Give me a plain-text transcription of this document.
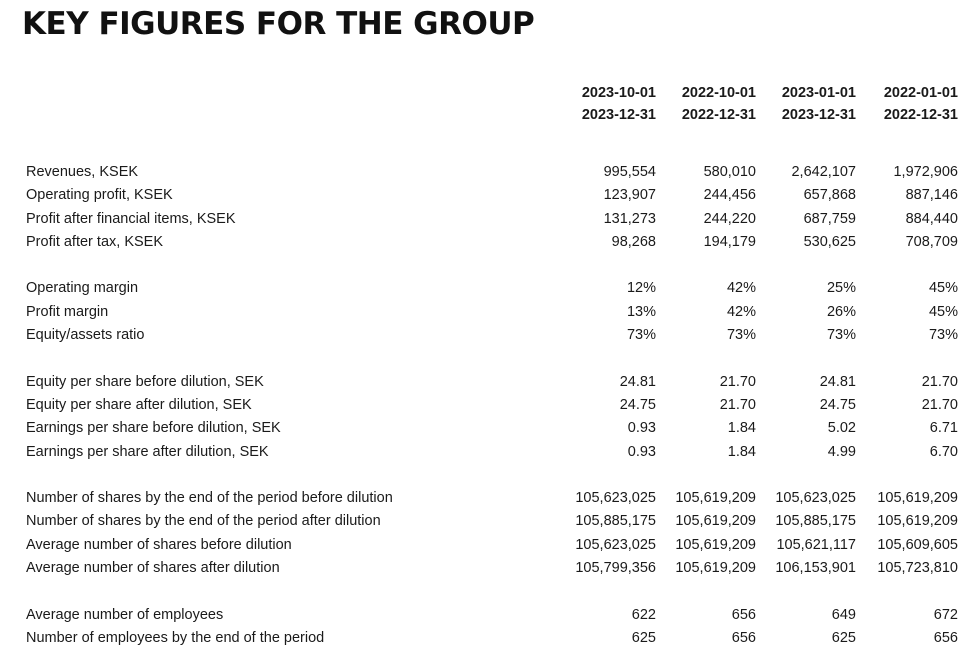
KEY FIGURES FOR THE GROUP
	2023-10-01	2022-10-01	2023-01-01	2022-01-01
	2023-12-31	2022-12-31	2023-12-31	2022-12-31

Revenues, KSEK	995,554	580,010	2,642,107	1,972,906
Operating profit, KSEK	123,907	244,456	657,868	887,146
Profit after financial items, KSEK	131,273	244,220	687,759	884,440
Profit after tax, KSEK	98,268	194,179	530,625	708,709

Operating margin	12%	42%	25%	45%
Profit margin	13%	42%	26%	45%
Equity/assets ratio	73%	73%	73%	73%

Equity per share before dilution, SEK	24.81	21.70	24.81	21.70
Equity per share after dilution, SEK	24.75	21.70	24.75	21.70
Earnings per share before dilution, SEK	0.93	1.84	5.02	6.71
Earnings per share after dilution, SEK	0.93	1.84	4.99	6.70

Number of shares by the end of the period before dilution	105,623,025	105,619,209	105,623,025	105,619,209
Number of shares by the end of the period after dilution	105,885,175	105,619,209	105,885,175	105,619,209
Average number of shares before dilution	105,623,025	105,619,209	105,621,117	105,609,605
Average number of shares after dilution	105,799,356	105,619,209	106,153,901	105,723,810

Average number of employees	622	656	649	672
Number of employees by the end of the period	625	656	625	656
